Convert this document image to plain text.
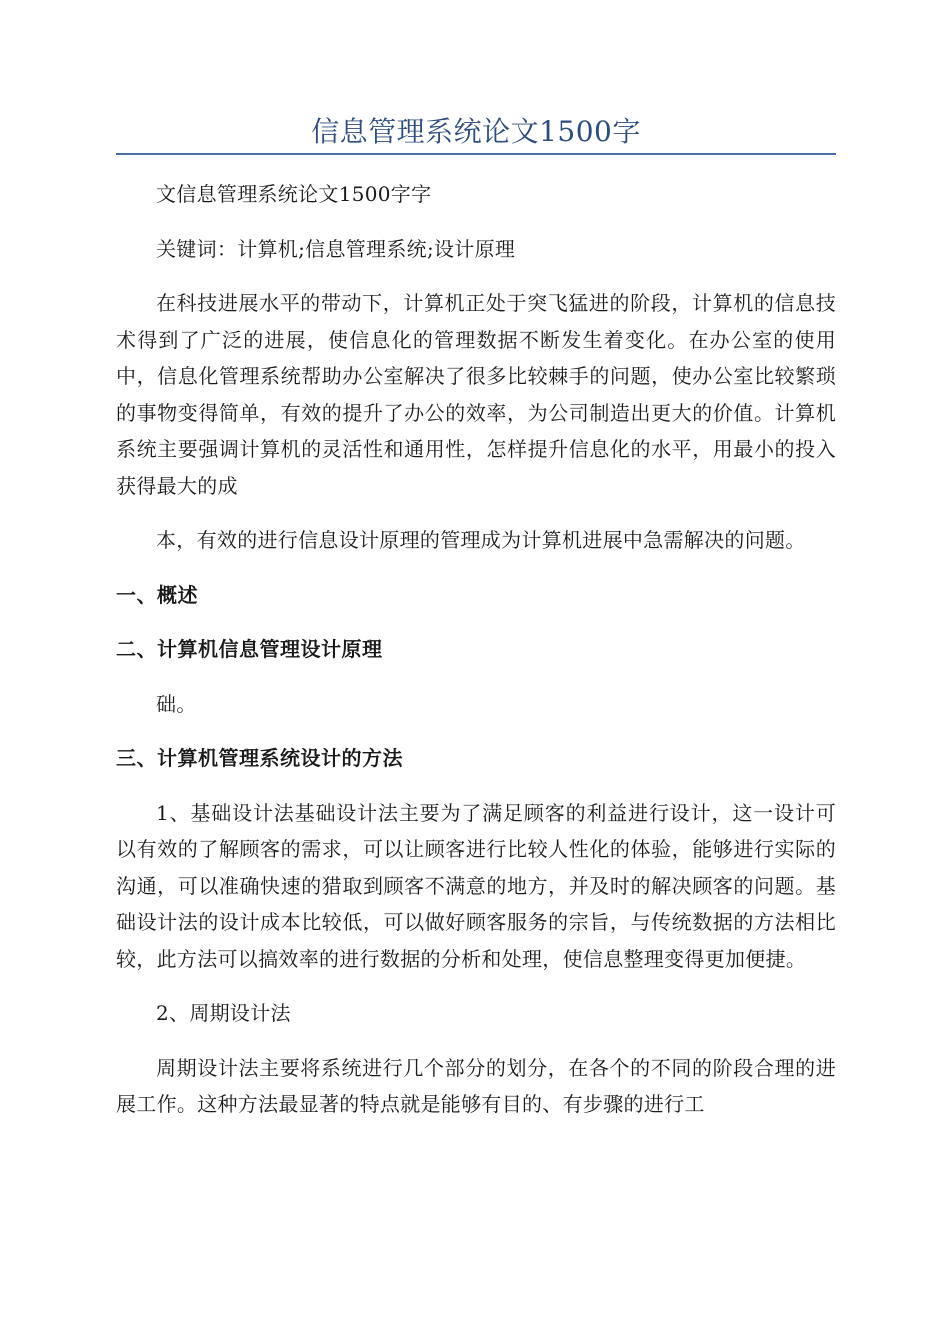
信息管理系统论文1500字

文信息管理系统论文1500字字

关键词：计算机;信息管理系统;设计原理

在科技进展水平的带动下，计算机正处于突飞猛进的阶段，计算机的信息技术得到了广泛的进展，使信息化的管理数据不断发生着变化。在办公室的使用中，信息化管理系统帮助办公室解决了很多比较棘手的问题，使办公室比较繁琐的事物变得简单，有效的提升了办公的效率，为公司制造出更大的价值。计算机系统主要强调计算机的灵活性和通用性，怎样提升信息化的水平，用最小的投入获得最大的成

本，有效的进行信息设计原理的管理成为计算机进展中急需解决的问题。

一、概述

二、计算机信息管理设计原理

础。

三、计算机管理系统设计的方法

1、基础设计法基础设计法主要为了满足顾客的利益进行设计，这一设计可以有效的了解顾客的需求，可以让顾客进行比较人性化的体验，能够进行实际的沟通，可以准确快速的猎取到顾客不满意的地方，并及时的解决顾客的问题。基础设计法的设计成本比较低，可以做好顾客服务的宗旨，与传统数据的方法相比较，此方法可以搞效率的进行数据的分析和处理，使信息整理变得更加便捷。

2、周期设计法

周期设计法主要将系统进行几个部分的划分，在各个的不同的阶段合理的进展工作。这种方法最显著的特点就是能够有目的、有步骤的进行工
